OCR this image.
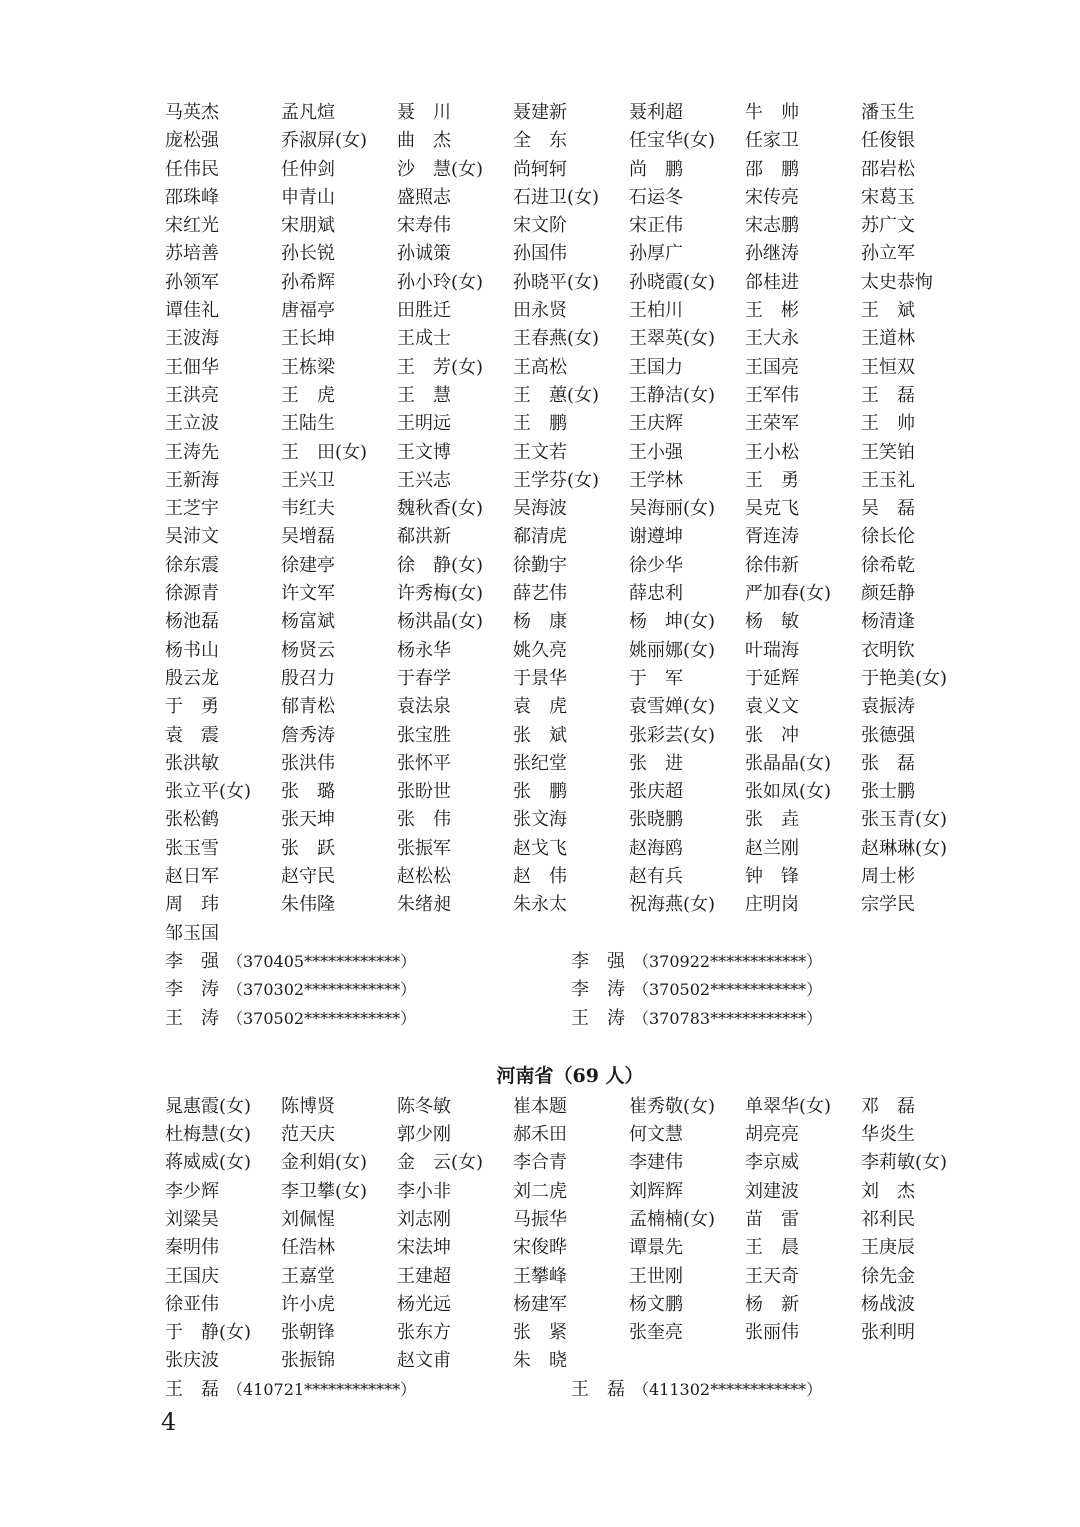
马英杰	孟凡煊	聂　川	聂建新	聂利超	牛　帅	潘玉生
庞松强	乔淑屏(女)	曲　杰	全　东	任宝华(女)	任家卫	任俊银
任伟民	任仲剑	沙　慧(女)	尚轲轲	尚　鹏	邵　鹏	邵岩松
邵珠峰	申青山	盛照志	石进卫(女)	石运冬	宋传亮	宋葛玉
宋红光	宋朋斌	宋寿伟	宋文阶	宋正伟	宋志鹏	苏广文
苏培善	孙长锐	孙诚策	孙国伟	孙厚广	孙继涛	孙立军
孙领军	孙希辉	孙小玲(女)	孙晓平(女)	孙晓霞(女)	郃桂进	太史恭恂
谭佳礼	唐福亭	田胜迁	田永贤	王柏川	王　彬	王　斌
王波海	王长坤	王成士	王春燕(女)	王翠英(女)	王大永	王道林
王佃华	王栋梁	王　芳(女)	王高松	王国力	王国亮	王恒双
王洪亮	王　虎	王　慧	王　蕙(女)	王静洁(女)	王军伟	王　磊
王立波	王陆生	王明远	王　鹏	王庆辉	王荣军	王　帅
王涛先	王　田(女)	王文博	王文若	王小强	王小松	王笑铂
王新海	王兴卫	王兴志	王学芬(女)	王学林	王　勇	王玉礼
王芝宇	韦红夫	魏秋香(女)	吴海波	吴海丽(女)	吴克飞	吴　磊
吴沛文	吴增磊	郗洪新	郗清虎	谢遵坤	胥连涛	徐长伦
徐东震	徐建亭	徐　静(女)	徐勤宇	徐少华	徐伟新	徐希乾
徐源青	许文军	许秀梅(女)	薛艺伟	薛忠利	严加春(女)	颜廷静
杨池磊	杨富斌	杨洪晶(女)	杨　康	杨　坤(女)	杨　敏	杨清逢
杨书山	杨贤云	杨永华	姚久亮	姚丽娜(女)	叶瑞海	衣明钦
殷云龙	殷召力	于春学	于景华	于　军	于延辉	于艳美(女)
于　勇	郁青松	袁法泉	袁　虎	袁雪婵(女)	袁义文	袁振涛
袁　震	詹秀涛	张宝胜	张　斌	张彩芸(女)	张　冲	张德强
张洪敏	张洪伟	张怀平	张纪堂	张　进	张晶晶(女)	张　磊
张立平(女)	张　璐	张盼世	张　鹏	张庆超	张如凤(女)	张士鹏
张松鹤	张天坤	张　伟	张文海	张晓鹏	张　垚	张玉青(女)
张玉雪	张　跃	张振军	赵戈飞	赵海鸥	赵兰刚	赵琳琳(女)
赵日军	赵守民	赵松松	赵　伟	赵有兵	钟　锋	周士彬
周　玮	朱伟隆	朱绪昶	朱永太	祝海燕(女)	庄明岗	宗学民
邹玉国
李　强 （370405************）	李　强 （370922************）
李　涛 （370302************）	李　涛 （370502************）
王　涛 （370502************）	王　涛 （370783************）
河南省（69 人）
晁惠霞(女)	陈博贤	陈冬敏	崔本题	崔秀敬(女)	单翠华(女)	邓　磊
杜梅慧(女)	范天庆	郭少刚	郝禾田	何文慧	胡亮亮	华炎生
蒋威威(女)	金利娟(女)	金　云(女)	李合青	李建伟	李京威	李莉敏(女)
李少辉	李卫攀(女)	李小非	刘二虎	刘辉辉	刘建波	刘　杰
刘粱昊	刘佩惺	刘志刚	马振华	孟楠楠(女)	苗　雷	祁利民
秦明伟	任浩林	宋法坤	宋俊晔	谭景先	王　晨	王庚辰
王国庆	王嘉堂	王建超	王攀峰	王世刚	王天奇	徐先金
徐亚伟	许小虎	杨光远	杨建军	杨文鹏	杨　新	杨战波
于　静(女)	张朝锋	张东方	张　紧	张奎亮	张丽伟	张利明
张庆波	张振锦	赵文甫	朱　晓
王　磊 （410721************）	王　磊 （411302************）
4
